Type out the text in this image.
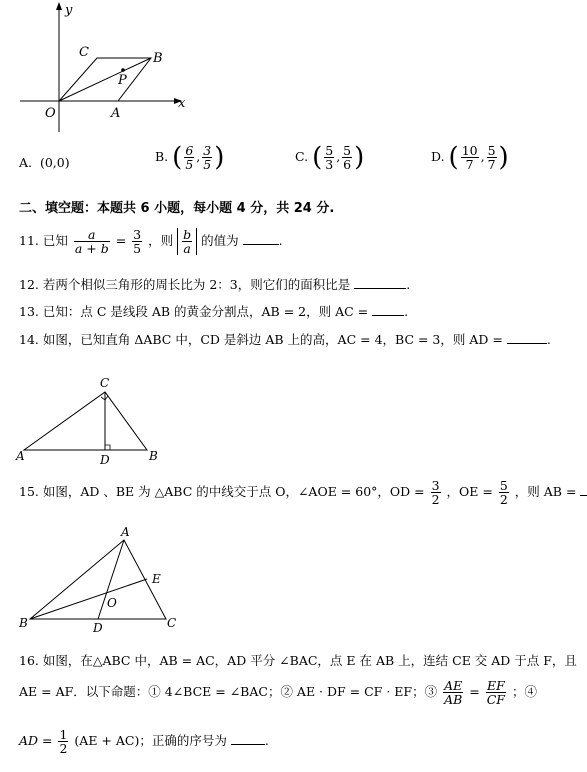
y
x
O	A
B
C
P
A. (0,0)	B. ( $\frac{6}{5}$ , $\frac{3}{5}$ )	C. ( $\frac{5}{3}$ , $\frac{5}{6}$ )	D. ( $\frac{10}{7}$ , $\frac{5}{7}$ )
二、填空题：本题共 6 小题，每小题 4 分，共 24 分.
11. 已知 $\frac{a}{a + b} = \frac{3}{5}$ ，则 $\frac{b}{a}$ 的值为	.
12. 若两个相似三角形的周长比为 2：3，则它们的面积比是	.
13. 已知：点 C 是线段 AB 的黄金分割点，AB = 2，则 AC =	.
14. 如图，已知直角 ΔABC 中，CD 是斜边 AB 上的高，AC = 4，BC = 3，则 AD =	.
C
A	D	B
15. 如图，AD 、BE 为 △ABC 的中线交于点 O，∠AOE = 60°，OD = $\frac{3}{2}$ ，OE = $\frac{5}{2}$ ，则 AB =
A
E
O
B	D	C
16. 如图，在△ABC 中，AB = AC，AD 平分 ∠BAC，点 E 在 AB 上，连结 CE 交 AD 于点 F，且
AE = AF．以下命题：① 4∠BCE = ∠BAC；② AE · DF = CF · EF；③ $\frac{AE}{AB} = \frac{EF}{CF}$ ；④
AD = $\frac{1}{2} (AE + AC)$；正确的序号为	.
